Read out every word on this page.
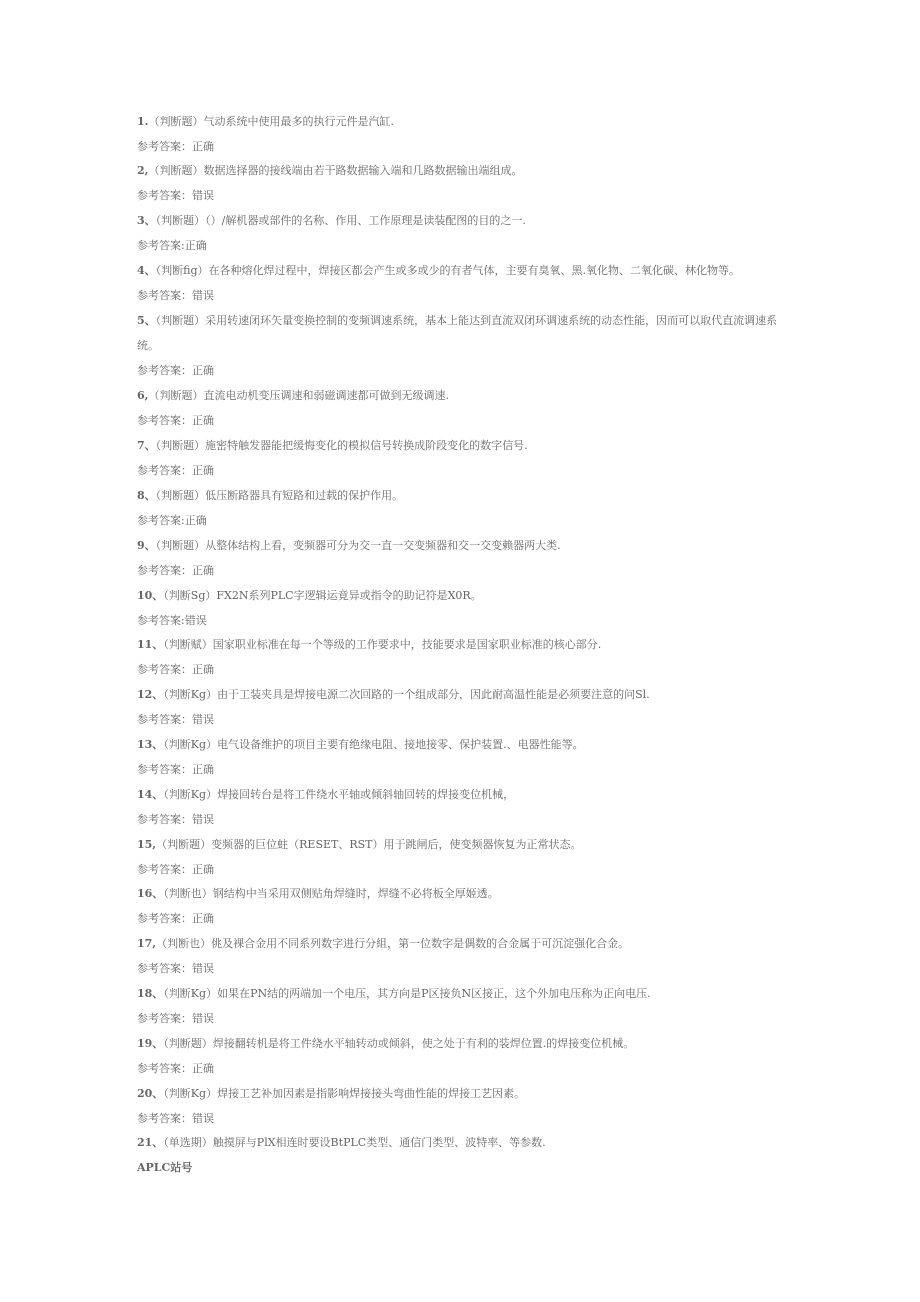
1.（判断题）气动系统中使用最多的执行元件是汽缸.
参考答案：正确
2,（判断题）数据选择器的接线端由若干路数据输入端和几路数据输出端组成。
参考答案：错误
3、（判断题）（）/解机器或部件的名称、作用、工作原理是读装配图的目的之一.
参考答案:正确
4、（判断fig）在各种熔化焊过程中，焊接区都会产生或多或少的有者气体，主要有臭氧、黑.氧化物、二氧化碳、林化物等。
参考答案：错误
5、（判断题）采用转速闭环矢量变换控制的变频调速系统，基本上能达到直流双闭环调速系统的动态性能，因而可以取代直流调速系统。
参考答案：正确
6,（判断题）直流电动机变压调速和弱磁调速都可做到无级调速.
参考答案：正确
7、（判断题）施密特触发器能把缓悔变化的模拟信号转换成阶段变化的数字信号.
参考答案：正确
8、（判断题）低压断路器具有短路和过载的保护作用。
参考答案:正确
9、（判断题）从整体结构上看，变频器可分为交一直一交变频器和交一交变赖器两大类.
参考答案：正确
10、（判断Sg）FX2N系列PLC字逻辑运竟异或指令的助记符是X0R。
参考答案:错误
11、（判断赋）国家职业标准在每一个等级的工作要求中，技能要求是国家职业标准的核心部分.
参考答案：正确
12、（判断Kg）由于工装夹具是焊接电源二次回路的一个组成部分，因此耐高温性能是必须要注意的问Sl.
参考答案：错误
13、（判断Kg）电气设备维护的项目主要有绝缘电阻、接地接零、保护装置.、电器性能等。
参考答案：正确
14、（判断Kg）焊接回转台是将工件绕水平轴或倾斜轴回转的焊接变位机械，
参考答案：错误
15,（判断题）变频器的巨位蛀（RESET、RST）用于跳闸后，使变频器恢复为正常状态。
参考答案：正确
16、（判断也）钢结构中当采用双侧贴角焊缝时，焊缝不必将板全厚姬透。
参考答案：正确
17,（判断也）佻及裸合金用不同系列数字进行分組，第一位数字是偶数的合金属于可沉淀强化合金。
参考答案：错误
18、（判断Kg）如果在PN结的两端加一个电压，其方向是P区接负N区接正，这个外加电压称为正向电压.
参考答案：错误
19、（判断题）焊接翻转机是将工件绕水平轴转动或倾斜，使之处于有利的装焊位置.的焊接变位机械。
参考答案：正确
20、（判断Kg）焊接工艺补加因素是指影响焊接接头弯曲性能的焊接工艺因素。
参考答案：错误
21、（单选期）触摸屏与PlX相连时要设BtPLC类型、通信门类型、波特率、等参数.
APLC站号
